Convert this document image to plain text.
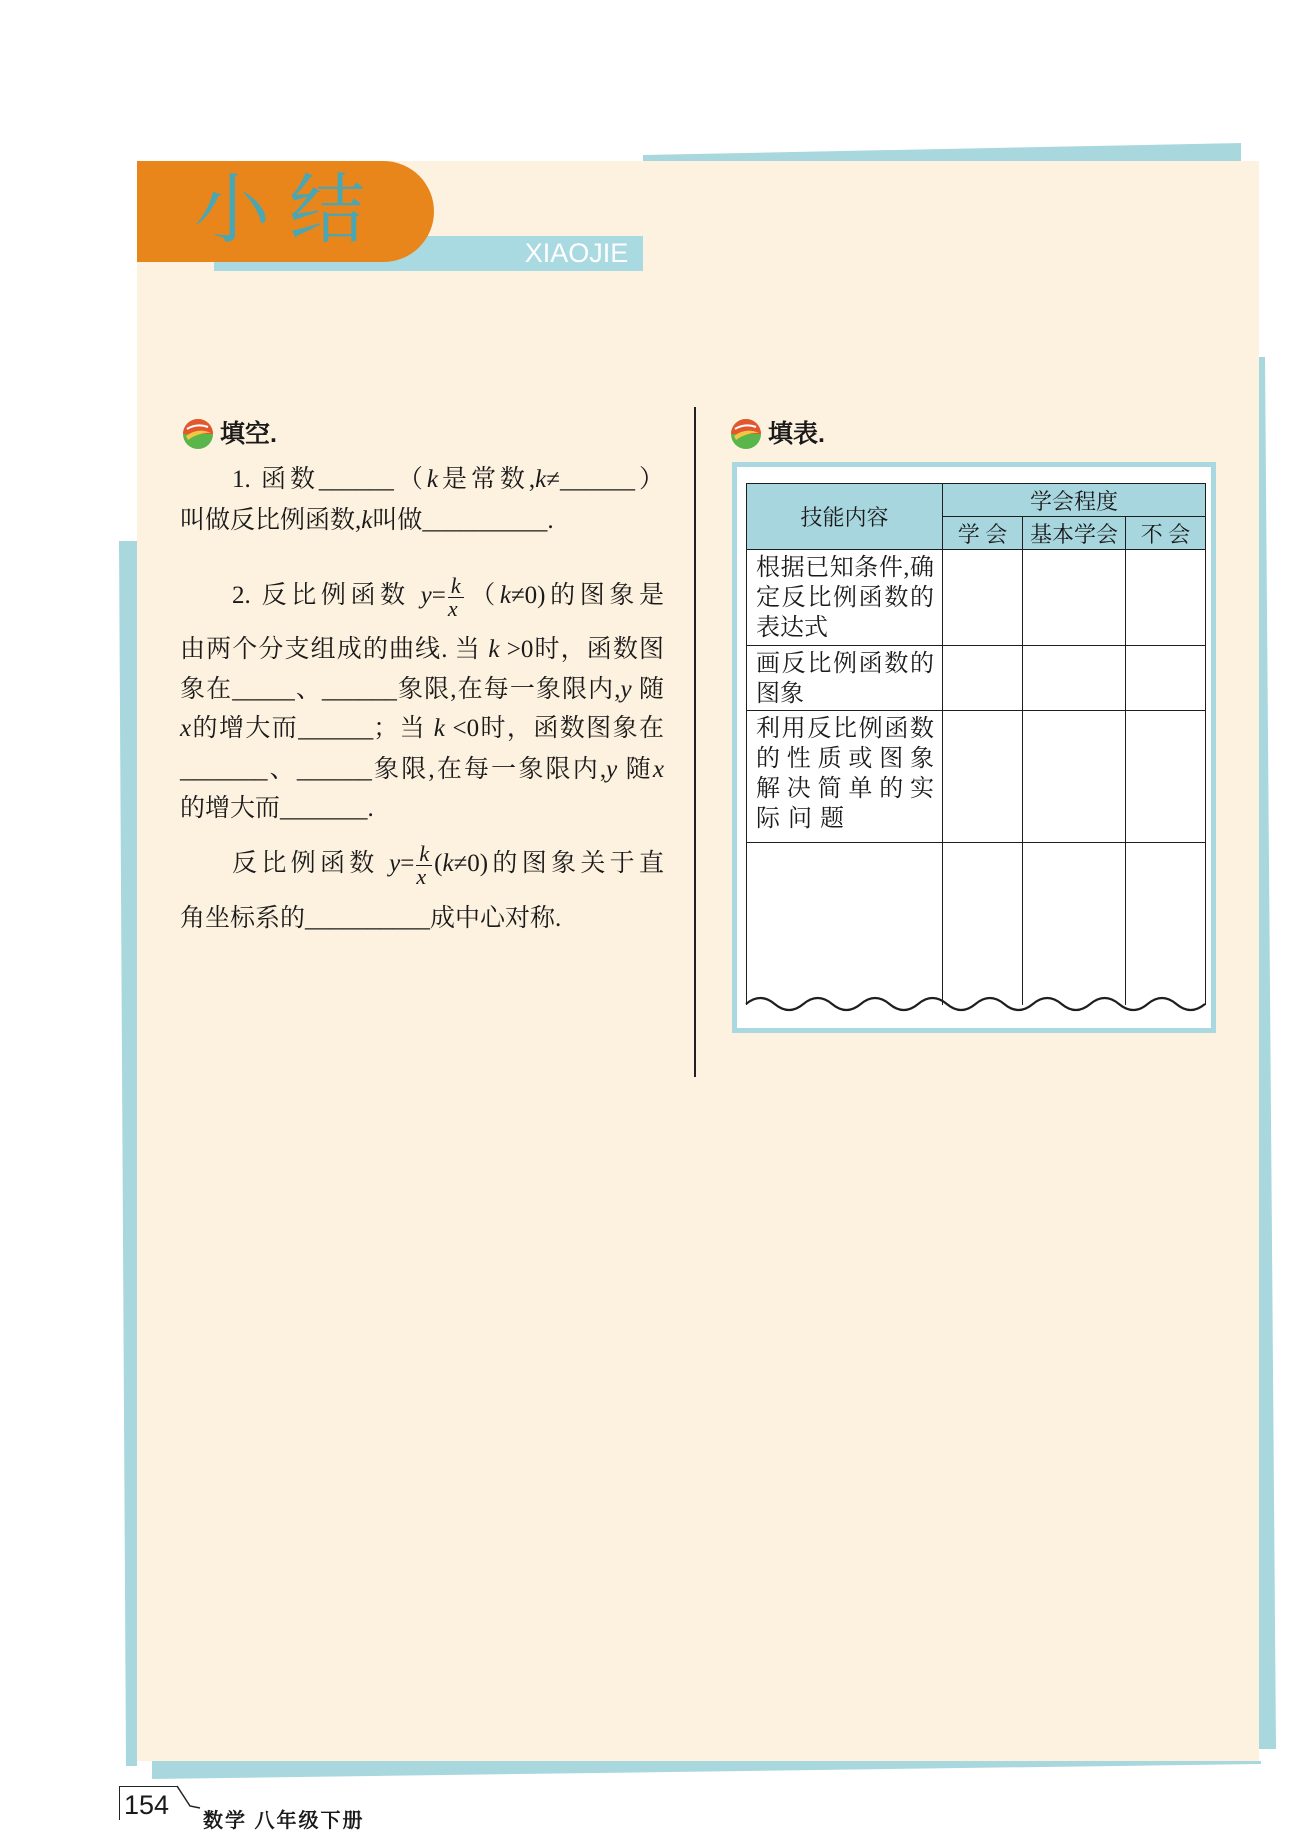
XIAOJIE
小结
填空.
1. 函数______（k是常数,k≠______）
叫做反比例函数,k叫做__________.
2. 反比例函数 $y= \frac{k}{x} (k\ne 0)$的图象是
由两个分支组成的曲线. 当 k >0时，函数图
象在_____、______象限,在每一象限内,y 随
x的增大而______；当 k <0时，函数图象在
_______、______象限,在每一象限内,y 随x
的增大而_______.
反比例函数 $y= \frac{k}{x} (k\ne 0)$的图象关于直
角坐标系的__________成中心对称.
填表.
技能内容	学会程度		
	学 会	基本学会	不 会

根据已知条件,确
定反比例函数的
表达式			

画反比例函数的
图象			

利用反比例函数
的性质或图象
解决简单的实
际问题			

154
数学 八年级下册
